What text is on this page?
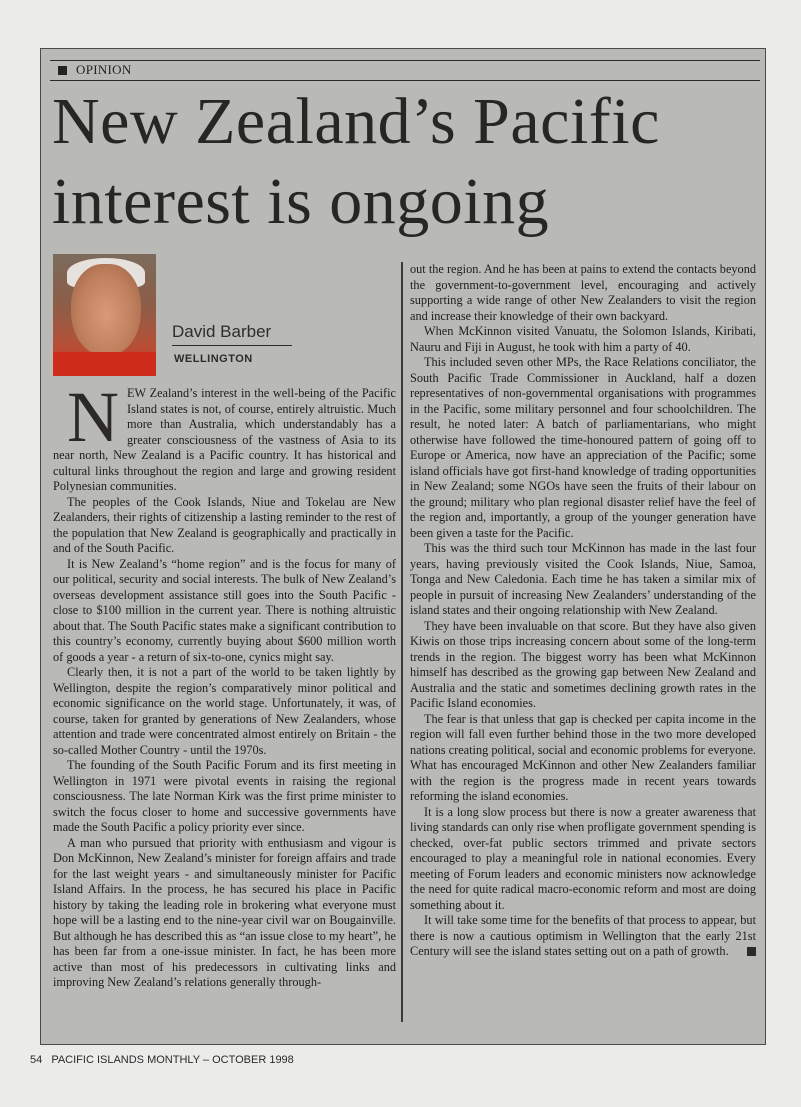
OPINION
New Zealand’s Pacific interest is ongoing
David Barber
WELLINGTON

NEW Zealand’s interest in the well-being of the Pacific Island states is not, of course, entirely altruistic. Much more than Australia, which understandably has a greater consciousness of the vastness of Asia to its near north, New Zealand is a Pacific country. It has historical and cultural links throughout the region and large and growing resident Polynesian communities.

The peoples of the Cook Islands, Niue and Tokelau are New Zealanders, their rights of citizenship a lasting reminder to the rest of the population that New Zealand is geographically and practically in and of the South Pacific.

It is New Zealand’s “home region” and is the focus for many of our political, security and social interests. The bulk of New Zealand’s overseas development assistance still goes into the South Pacific - close to $100 million in the current year. There is nothing altruistic about that. The South Pacific states make a significant contribution to this country’s economy, currently buying about $600 million worth of goods a year - a return of six-to-one, cynics might say.

Clearly then, it is not a part of the world to be taken lightly by Wellington, despite the region’s comparatively minor political and economic significance on the world stage. Unfortunately, it was, of course, taken for granted by generations of New Zealanders, whose attention and trade were concentrated almost entirely on Britain - the so-called Mother Country - until the 1970s.

The founding of the South Pacific Forum and its first meeting in Wellington in 1971 were pivotal events in raising the regional consciousness. The late Norman Kirk was the first prime minister to switch the focus closer to home and successive governments have made the South Pacific a policy priority ever since.

A man who pursued that priority with enthusiasm and vigour is Don McKinnon, New Zealand’s minister for foreign affairs and trade for the last weight years - and simultaneously minister for Pacific Island Affairs. In the process, he has secured his place in Pacific history by taking the leading role in brokering what everyone must hope will be a lasting end to the nine-year civil war on Bougainville. But although he has described this as “an issue close to my heart”, he has been far from a one-issue minister. In fact, he has been more active than most of his predecessors in cultivating links and improving New Zealand’s relations generally through-

out the region. And he has been at pains to extend the contacts beyond the government-to-government level, encouraging and actively supporting a wide range of other New Zealanders to visit the region and increase their knowledge of their own backyard.

When McKinnon visited Vanuatu, the Solomon Islands, Kiribati, Nauru and Fiji in August, he took with him a party of 40.

This included seven other MPs, the Race Relations conciliator, the South Pacific Trade Commissioner in Auckland, half a dozen representatives of non-governmental organisations with programmes in the Pacific, some military personnel and four schoolchildren. The result, he noted later: A batch of parliamentarians, who might otherwise have followed the time-honoured pattern of going off to Europe or America, now have an appreciation of the Pacific; some island officials have got first-hand knowledge of trading opportunities in New Zealand; some NGOs have seen the fruits of their labour on the ground; military who plan regional disaster relief have the feel of the region and, importantly, a group of the younger generation have been given a taste for the Pacific.

This was the third such tour McKinnon has made in the last four years, having previously visited the Cook Islands, Niue, Samoa, Tonga and New Caledonia. Each time he has taken a similar mix of people in pursuit of increasing New Zealanders’ understanding of the island states and their ongoing relationship with New Zealand.

They have been invaluable on that score. But they have also given Kiwis on those trips increasing concern about some of the long-term trends in the region. The biggest worry has been what McKinnon himself has described as the growing gap between New Zealand and Australia and the static and sometimes declining growth rates in the Pacific Island economies.

The fear is that unless that gap is checked per capita income in the region will fall even further behind those in the two more developed nations creating political, social and economic problems for everyone. What has encouraged McKinnon and other New Zealanders familiar with the region is the progress made in recent years towards reforming the island economies.

It is a long slow process but there is now a greater awareness that living standards can only rise when profligate government spending is checked, over-fat public sectors trimmed and private sectors encouraged to play a meaningful role in national economies. Every meeting of Forum leaders and economic ministers now acknowledge the need for quite radical macro-economic reform and most are doing something about it.

It will take some time for the benefits of that process to appear, but there is now a cautious optimism in Wellington that the early 21st Century will see the island states setting out on a path of growth.

54 PACIFIC ISLANDS MONTHLY – OCTOBER 1998
